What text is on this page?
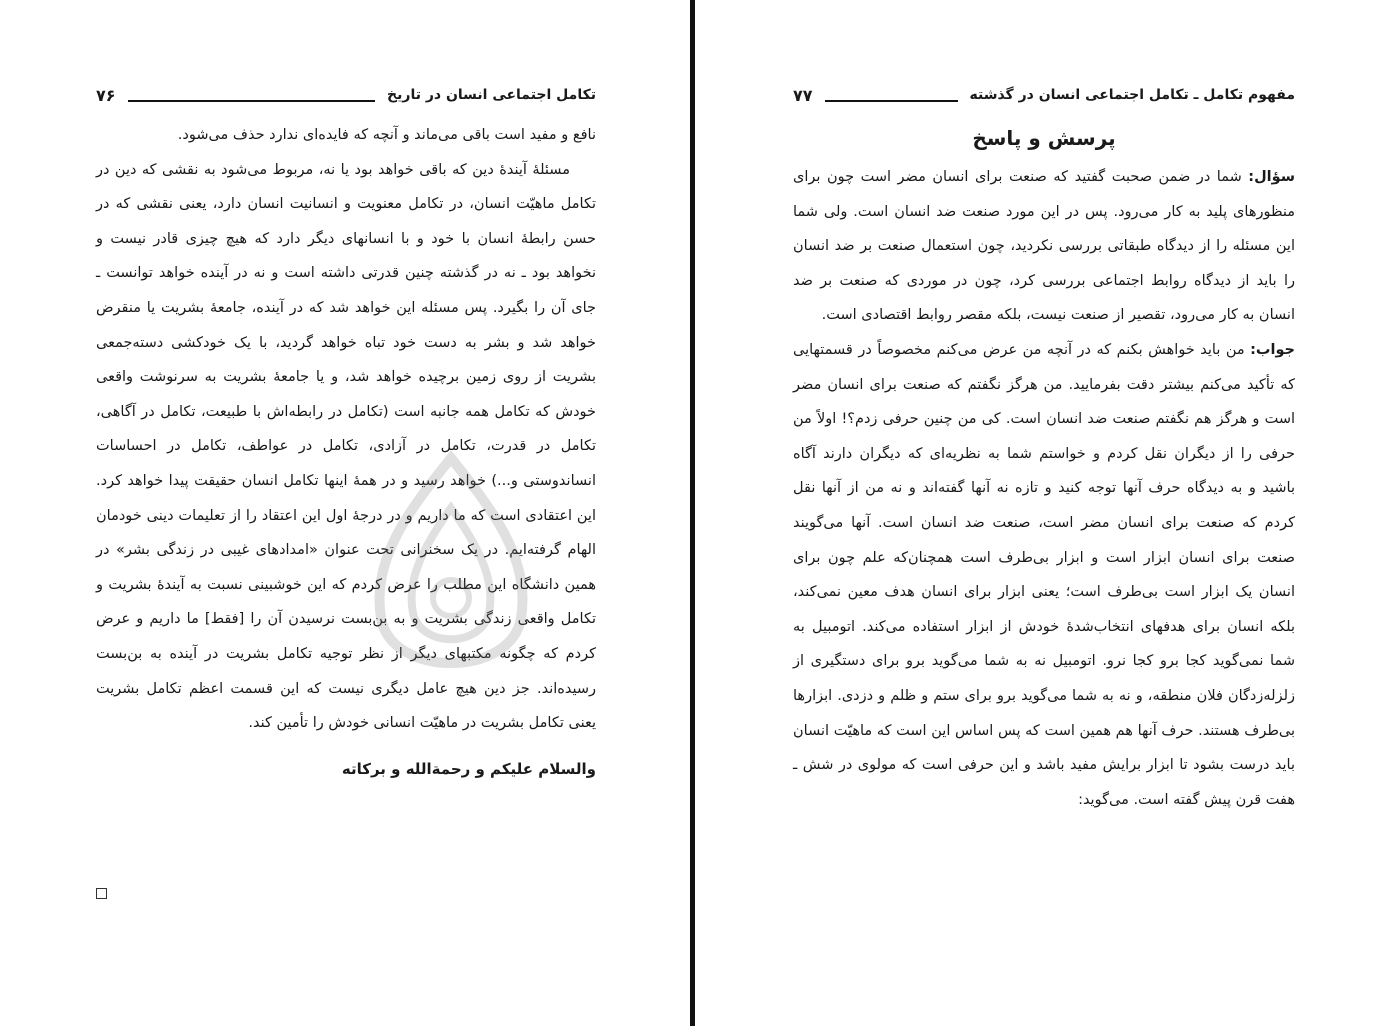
تکامل اجتماعی انسان در تاریخ
۷۶

نافع و مفید است باقی می‌ماند و آنچه که فایده‌ای ندارد حذف می‌شود.

مسئلهٔ آیندهٔ دین که باقی خواهد بود یا نه، مربوط می‌شود به نقشی که دین در تکامل ماهیّت انسان، در تکامل معنویت و انسانیت انسان دارد، یعنی نقشی که در حسن رابطهٔ انسان با خود و با انسانهای دیگر دارد که هیچ چیزی قادر نیست و نخواهد بود ـ نه در گذشته چنین قدرتی داشته است و نه در آینده خواهد توانست ـ جای آن را بگیرد. پس مسئله این خواهد شد که در آینده، جامعهٔ بشریت یا منقرض خواهد شد و بشر به دست خود تباه خواهد گردید، با یک خودکشی دسته‌جمعی بشریت از روی زمین برچیده خواهد شد، و یا جامعهٔ بشریت به سرنوشت واقعی خودش که تکامل همه جانبه است (تکامل در رابطه‌اش با طبیعت، تکامل در آگاهی، تکامل در قدرت، تکامل در آزادی، تکامل در عواطف، تکامل در احساسات انساندوستی و...) خواهد رسید و در همهٔ اینها تکامل انسان حقیقت پیدا خواهد کرد. این اعتقادی است که ما داریم و در درجهٔ اول این اعتقاد را از تعلیمات دینی خودمان الهام گرفته‌ایم. در یک سخنرانی تحت عنوان «امدادهای غیبی در زندگی بشر» در همین دانشگاه این مطلب را عرض کردم که این خوشبینی نسبت به آیندهٔ بشریت و تکامل واقعی زندگی بشریت و به بن‌بست نرسیدن آن را [فقط] ما داریم و عرض کردم که چگونه مکتبهای دیگر از نظر توجیه تکامل بشریت در آینده به بن‌بست رسیده‌اند. جز دین هیچ عامل دیگری نیست که این قسمت اعظم تکامل بشریت یعنی تکامل بشریت در ماهیّت انسانی خودش را تأمین کند.

والسلام علیکم و رحمة‌الله و برکاته
مفهوم تکامل ـ تکامل اجتماعی انسان در گذشته
۷۷
پرسش و پاسخ

سؤال: شما در ضمن صحبت گفتید که صنعت برای انسان مضر است چون برای منظورهای پلید به کار می‌رود. پس در این مورد صنعت ضد انسان است. ولی شما این مسئله را از دیدگاه طبقاتی بررسی نکردید، چون استعمال صنعت بر ضد انسان را باید از دیدگاه روابط اجتماعی بررسی کرد، چون در موردی که صنعت بر ضد انسان به کار می‌رود، تقصیر از صنعت نیست، بلکه مقصر روابط اقتصادی است.

جواب: من باید خواهش بکنم که در آنچه من عرض می‌کنم مخصوصاً در قسمتهایی که تأکید می‌کنم بیشتر دقت بفرمایید. من هرگز نگفتم که صنعت برای انسان مضر است و هرگز هم نگفتم صنعت ضد انسان است. کی من چنین حرفی زدم؟! اولاً من حرفی را از دیگران نقل کردم و خواستم شما به نظریه‌ای که دیگران دارند آگاه باشید و به دیدگاه حرف آنها توجه کنید و تازه نه آنها گفته‌اند و نه من از آنها نقل کردم که صنعت برای انسان مضر است، صنعت ضد انسان است. آنها می‌گویند صنعت برای انسان ابزار است و ابزار بی‌طرف است همچنان‌که علم چون برای انسان یک ابزار است بی‌طرف است؛ یعنی ابزار برای انسان هدف معین نمی‌کند، بلکه انسان برای هدفهای انتخاب‌شدهٔ خودش از ابزار استفاده می‌کند. اتومبیل به شما نمی‌گوید کجا برو کجا نرو. اتومبیل نه به شما می‌گوید برو برای دستگیری از زلزله‌زدگان فلان منطقه، و نه به شما می‌گوید برو برای ستم و ظلم و دزدی. ابزارها بی‌طرف هستند. حرف آنها هم همین است که پس اساس این است که ماهیّت انسان باید درست بشود تا ابزار برایش مفید باشد و این حرفی است که مولوی در شش ـ هفت قرن پیش گفته است. می‌گوید:
